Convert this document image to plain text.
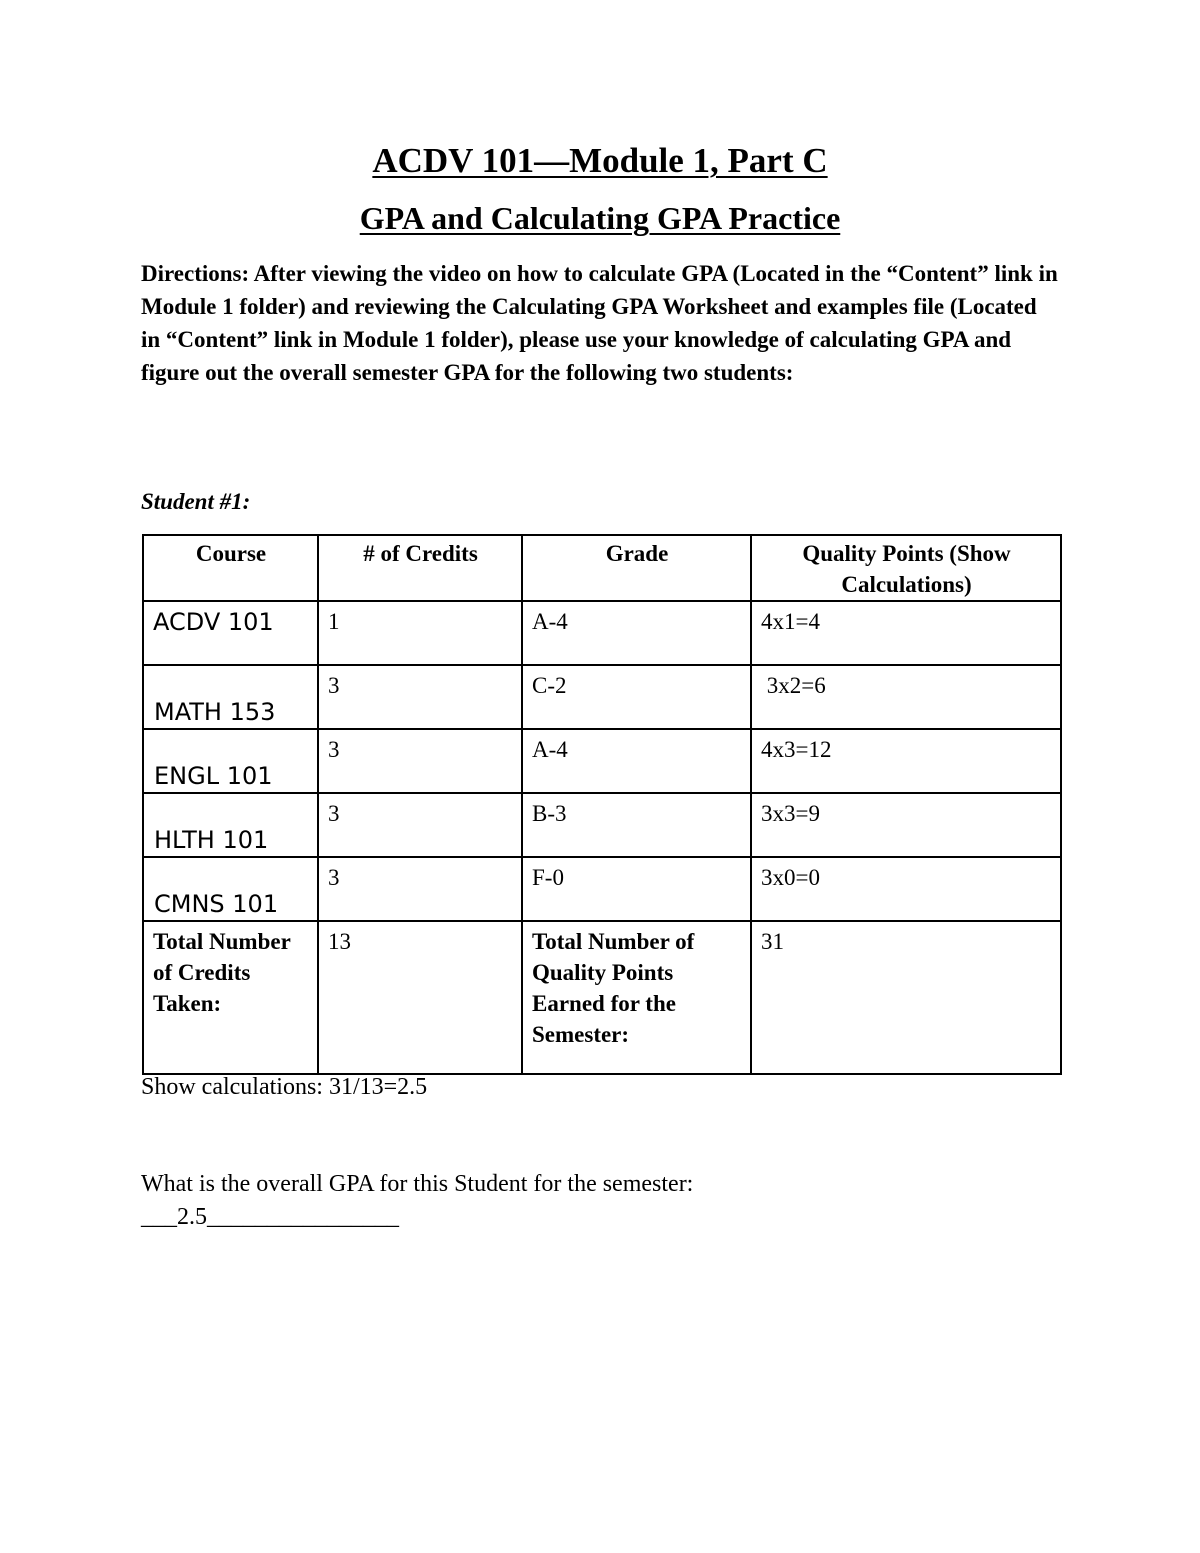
ACDV 101—Module 1, Part C
GPA and Calculating GPA Practice

Directions: After viewing the video on how to calculate GPA (Located in the “Content” link in Module 1 folder) and reviewing the Calculating GPA Worksheet and examples file (Located in “Content” link in Module 1 folder), please use your knowledge of calculating GPA and figure out the overall semester GPA for the following two students:

Student #1:

Course	# of Credits	Grade	Quality Points (Show Calculations)

ACDV 101	1	A-4	4x1=4

MATH 153	3	C-2	3x2=6

ENGL 101	3	A-4	4x3=12

HLTH 101	3	B-3	3x3=9

CMNS 101	3	F-0	3x0=0

Total Number of Credits Taken:	13	Total Number of Quality Points Earned for the Semester:	31

Show calculations: 31/13=2.5

What is the overall GPA for this Student for the semester:

___2.5________________
